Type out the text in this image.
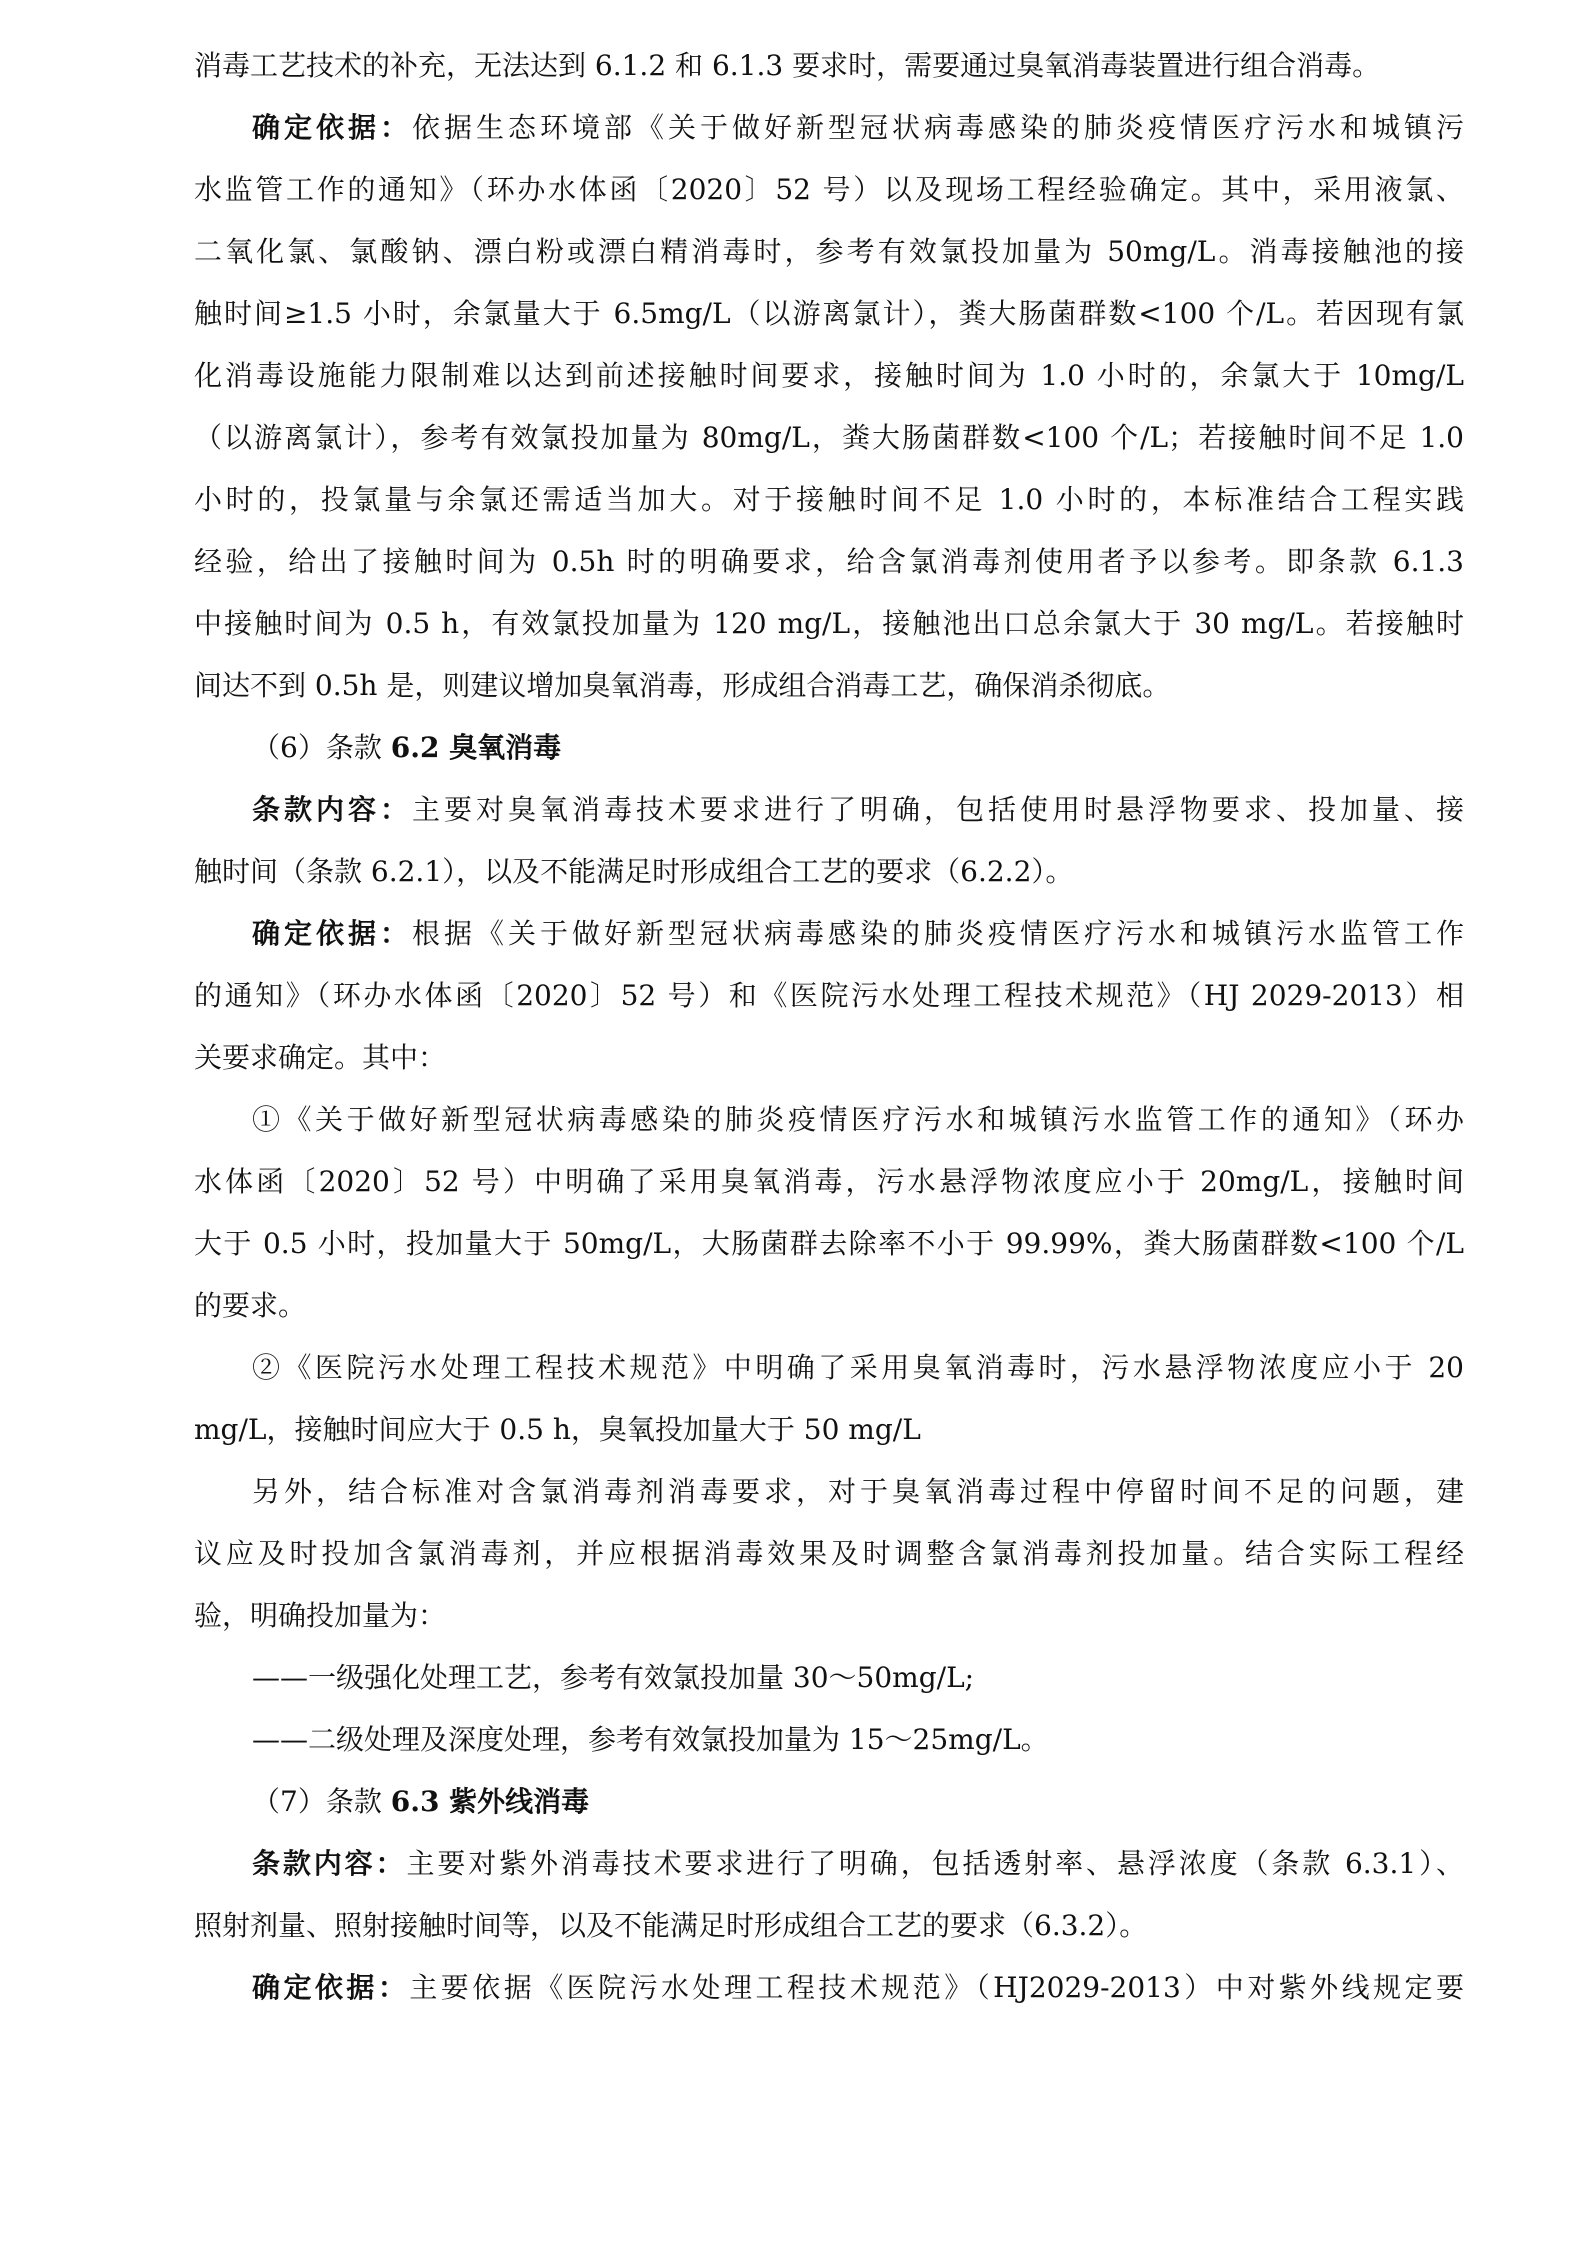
消毒工艺技术的补充，无法达到 6.1.2 和 6.1.3 要求时，需要通过臭氧消毒装置进行组合消毒。
确定依据：依据生态环境部《关于做好新型冠状病毒感染的肺炎疫情医疗污水和城镇污
水监管工作的通知》（环办水体函〔2020〕52 号）以及现场工程经验确定。其中，采用液氯、
二氧化氯、氯酸钠、漂白粉或漂白精消毒时，参考有效氯投加量为 50mg/L。消毒接触池的接
触时间≥1.5 小时，余氯量大于 6.5mg/L（以游离氯计），粪大肠菌群数<100 个/L。若因现有氯
化消毒设施能力限制难以达到前述接触时间要求，接触时间为 1.0 小时的，余氯大于 10mg/L
（以游离氯计），参考有效氯投加量为 80mg/L，粪大肠菌群数<100 个/L；若接触时间不足 1.0
小时的，投氯量与余氯还需适当加大。对于接触时间不足 1.0 小时的，本标准结合工程实践
经验，给出了接触时间为 0.5h 时的明确要求，给含氯消毒剂使用者予以参考。即条款 6.1.3
中接触时间为 0.5 h，有效氯投加量为 120 mg/L，接触池出口总余氯大于 30 mg/L。若接触时
间达不到 0.5h 是，则建议增加臭氧消毒，形成组合消毒工艺，确保消杀彻底。
（6）条款 6.2 臭氧消毒
条款内容：主要对臭氧消毒技术要求进行了明确，包括使用时悬浮物要求、投加量、接
触时间（条款 6.2.1），以及不能满足时形成组合工艺的要求（6.2.2）。
确定依据：根据《关于做好新型冠状病毒感染的肺炎疫情医疗污水和城镇污水监管工作
的通知》（环办水体函〔2020〕52 号）和《医院污水处理工程技术规范》（HJ 2029-2013）相
关要求确定。其中：
①《关于做好新型冠状病毒感染的肺炎疫情医疗污水和城镇污水监管工作的通知》（环办
水体函〔2020〕52 号）中明确了采用臭氧消毒，污水悬浮物浓度应小于 20mg/L，接触时间
大于 0.5 小时，投加量大于 50mg/L，大肠菌群去除率不小于 99.99%，粪大肠菌群数<100 个/L
的要求。
②《医院污水处理工程技术规范》中明确了采用臭氧消毒时，污水悬浮物浓度应小于 20
mg/L，接触时间应大于 0.5 h，臭氧投加量大于 50 mg/L
另外，结合标准对含氯消毒剂消毒要求，对于臭氧消毒过程中停留时间不足的问题，建
议应及时投加含氯消毒剂，并应根据消毒效果及时调整含氯消毒剂投加量。结合实际工程经
验，明确投加量为：
——一级强化处理工艺，参考有效氯投加量 30～50mg/L;
——二级处理及深度处理，参考有效氯投加量为 15～25mg/L。
（7）条款 6.3 紫外线消毒
条款内容：主要对紫外消毒技术要求进行了明确，包括透射率、悬浮浓度（条款 6.3.1）、
照射剂量、照射接触时间等，以及不能满足时形成组合工艺的要求（6.3.2）。
确定依据：主要依据《医院污水处理工程技术规范》（HJ2029-2013）中对紫外线规定要
